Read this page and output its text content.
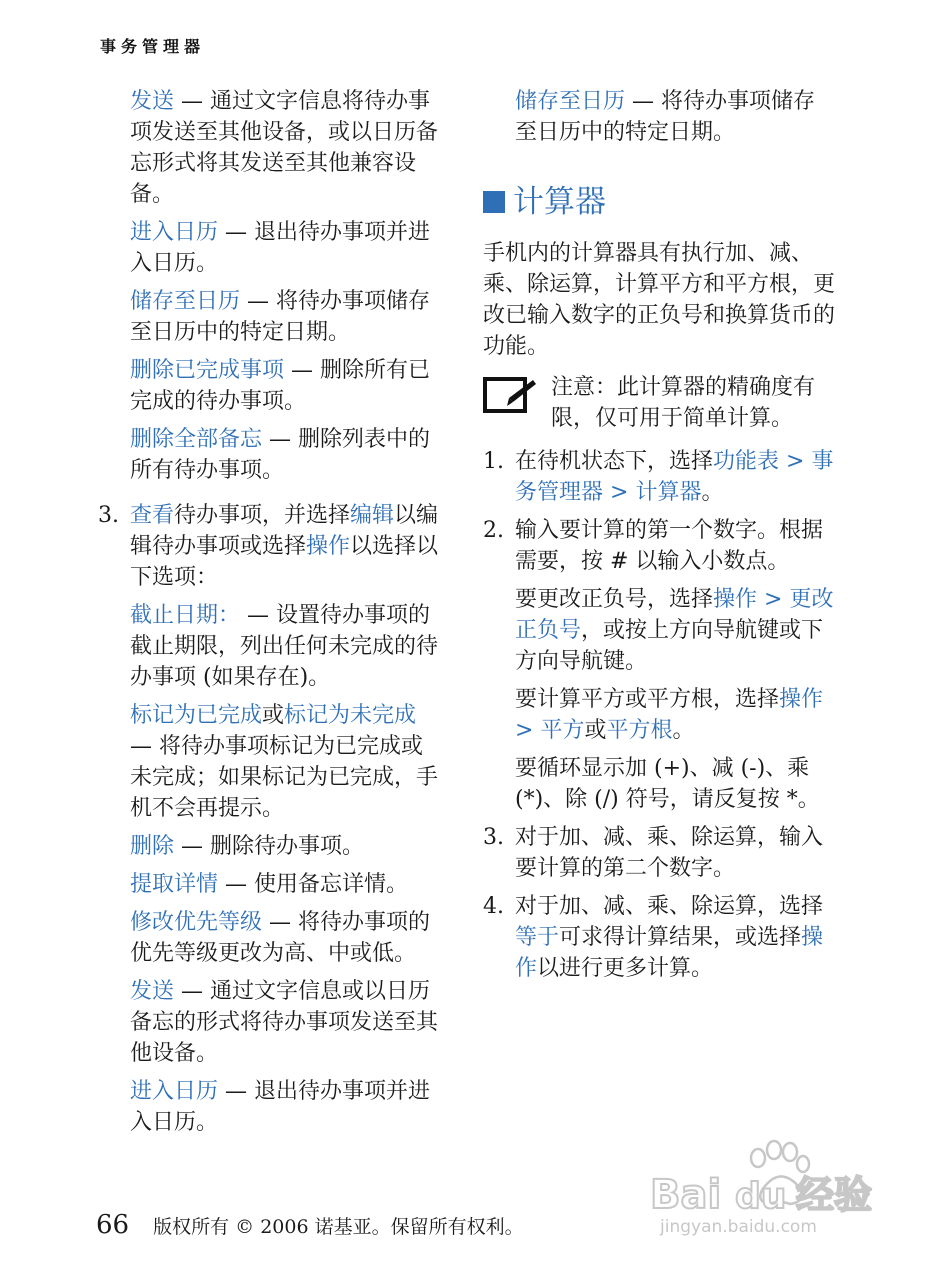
事务管理器

发送 — 通过文字信息将待办事项发送至其他设备，或以日历备忘形式将其发送至其他兼容设备。

进入日历 — 退出待办事项并进入日历。

储存至日历 — 将待办事项储存至日历中的特定日期。

删除已完成事项 — 删除所有已完成的待办事项。

删除全部备忘 — 删除列表中的所有待办事项。

3. 查看待办事项，并选择编辑以编辑待办事项或选择操作以选择以下选项：

截止日期： — 设置待办事项的截止期限，列出任何未完成的待办事项 (如果存在)。

标记为已完成或标记为未完成 — 将待办事项标记为已完成或未完成；如果标记为已完成，手机不会再提示。

删除 — 删除待办事项。

提取详情 — 使用备忘详情。

修改优先等级 — 将待办事项的优先等级更改为高、中或低。

发送 — 通过文字信息或以日历备忘的形式将待办事项发送至其他设备。

进入日历 — 退出待办事项并进入日历。

储存至日历 — 将待办事项储存至日历中的特定日期。

计算器

手机内的计算器具有执行加、减、乘、除运算，计算平方和平方根，更改已输入数字的正负号和换算货币的功能。

注意：此计算器的精确度有限，仅可用于简单计算。
1. 在待机状态下，选择功能表 > 事务管理器 > 计算器。
2. 输入要计算的第一个数字。根据需要，按 # 以输入小数点。

要更改正负号，选择操作 > 更改正负号，或按上方向导航键或下方向导航键。

要计算平方或平方根，选择操作 > 平方或平方根。

要循环显示加 (+)、减 (-)、乘 (*)、除 (/) 符号，请反复按 *。

3. 对于加、减、乘、除运算，输入要计算的第二个数字。
4. 对于加、减、乘、除运算，选择等于可求得计算结果，或选择操作以进行更多计算。
Bai du 经验
jingyan.baidu.com
66 版权所有 © 2006 诺基亚。保留所有权利。
